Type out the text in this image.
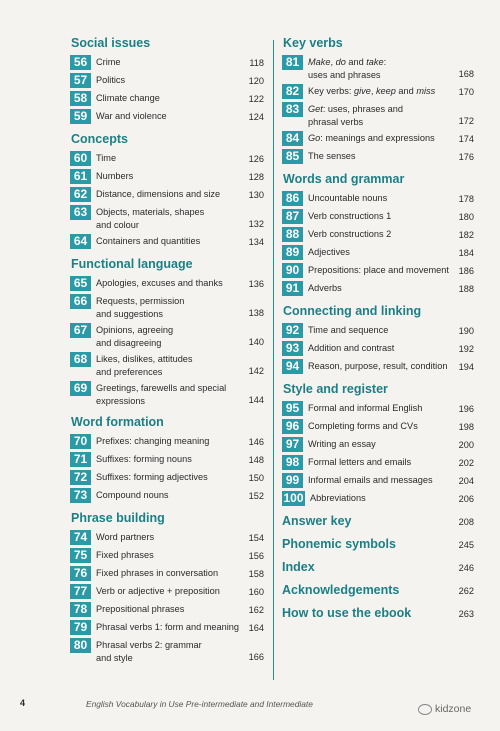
Social issues
56 Crime	118
57 Politics	120
58 Climate change	122
59 War and violence	124
Concepts
60 Time	126
61 Numbers	128
62 Distance, dimensions and size	130
63 Objects, materials, shapes
and colour	132
64 Containers and quantities	134
Functional language
65 Apologies, excuses and thanks	136
66 Requests, permission
and suggestions	138
67 Opinions, agreeing
and disagreeing	140
68 Likes, dislikes, attitudes
and preferences	142
69 Greetings, farewells and special
expressions	144
Word formation
70 Prefixes: changing meaning	146
71 Suffixes: forming nouns	148
72 Suffixes: forming adjectives	150
73 Compound nouns	152
Phrase building
74 Word partners	154
75 Fixed phrases	156
76 Fixed phrases in conversation	158
77 Verb or adjective + preposition	160
78 Prepositional phrases	162
79 Phrasal verbs 1: form and meaning	164
80 Phrasal verbs 2: grammar
and style	166
Key verbs
81 Make, do and take:
uses and phrases	168
82 Key verbs: give, keep and miss	170
83 Get: uses, phrases and
phrasal verbs	172
84 Go: meanings and expressions	174
85 The senses	176
Words and grammar
86 Uncountable nouns	178
87 Verb constructions 1	180
88 Verb constructions 2	182
89 Adjectives	184
90 Prepositions: place and movement	186
91 Adverbs	188
Connecting and linking
92 Time and sequence	190
93 Addition and contrast	192
94 Reason, purpose, result, condition	194
Style and register
95 Formal and informal English	196
96 Completing forms and CVs	198
97 Writing an essay	200
98 Formal letters and emails	202
99 Informal emails and messages	204
100 Abbreviations	206
Answer key	208
Phonemic symbols	245
Index	246
Acknowledgements	262
How to use the ebook	263
4	English Vocabulary in Use Pre-intermediate and Intermediate	kidzone
